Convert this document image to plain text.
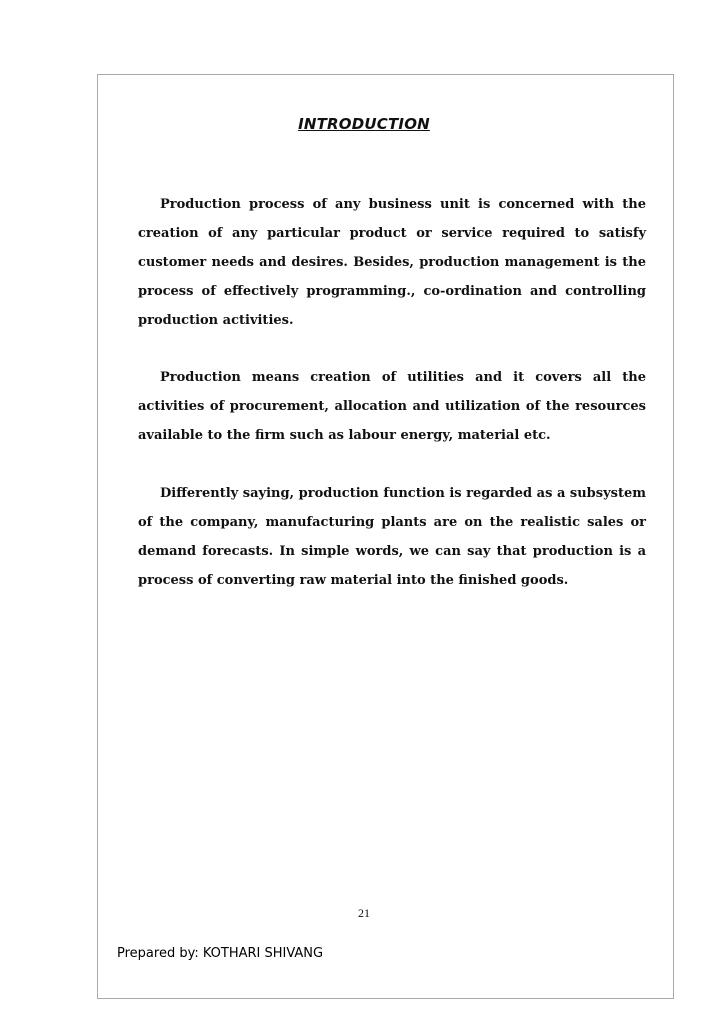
INTRODUCTION
Production process of any business unit is concerned with the creation of any particular product or service required to satisfy customer needs and desires. Besides, production management is the process of effectively programming., co-ordination and controlling production activities.
Production means creation of utilities and it covers all the activities of procurement, allocation and utilization of the resources available to the firm such as labour energy, material etc.
Differently saying, production function is regarded as a subsystem of the company, manufacturing plants are on the realistic sales or demand forecasts. In simple words, we can say that production is a process of converting raw material into the finished goods.
21
Prepared by: KOTHARI SHIVANG
